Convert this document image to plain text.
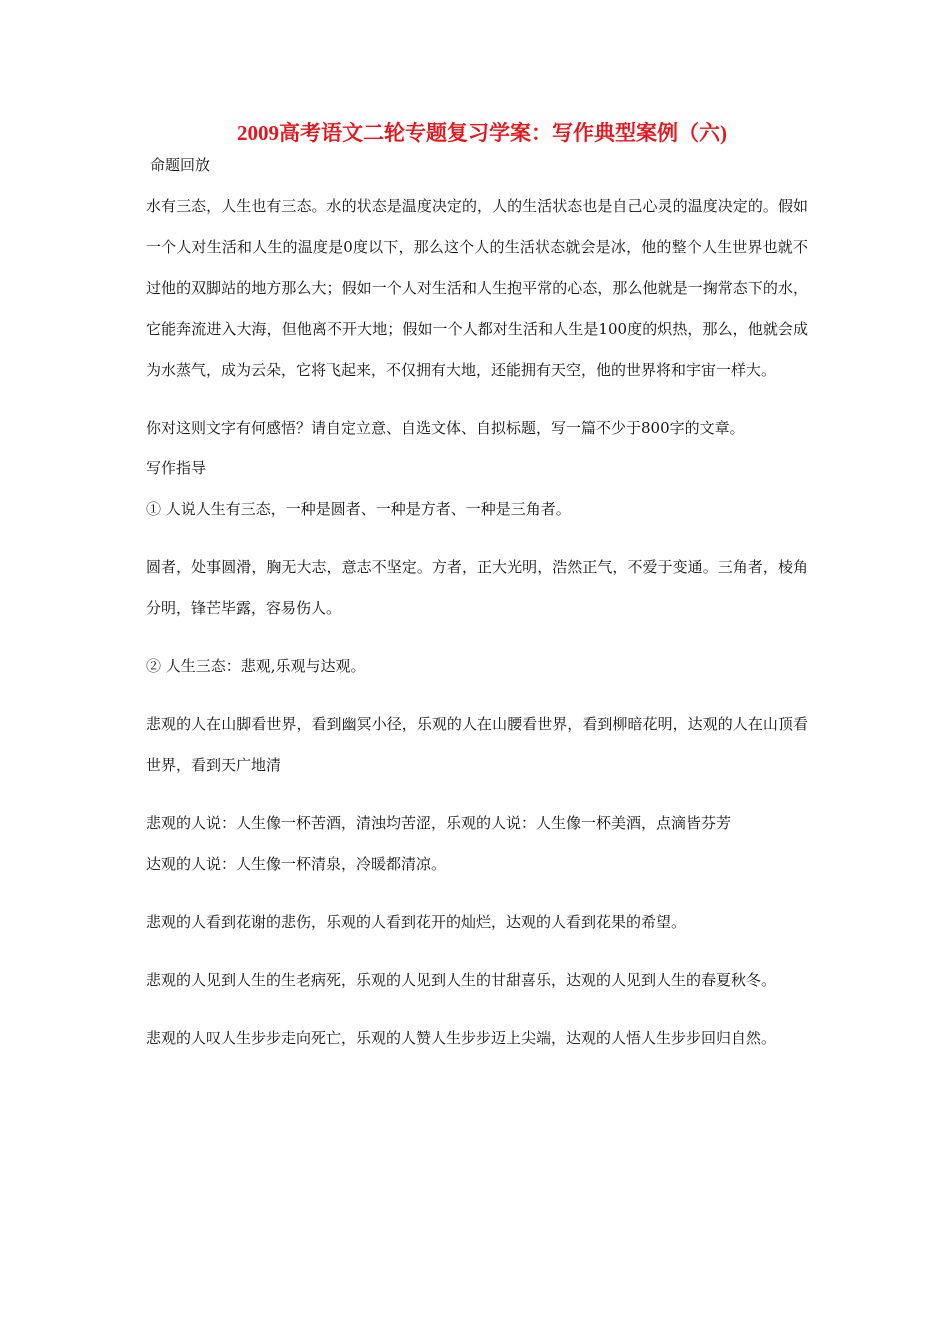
2009高考语文二轮专题复习学案：写作典型案例（六)
命题回放

水有三态，人生也有三态。水的状态是温度决定的，人的生活状态也是自己心灵的温度决定的。假如一个人对生活和人生的温度是0度以下，那么这个人的生活状态就会是冰，他的整个人生世界也就不过他的双脚站的地方那么大；假如一个人对生活和人生抱平常的心态，那么他就是一掬常态下的水，它能奔流进入大海，但他离不开大地；假如一个人都对生活和人生是100度的炽热，那么，他就会成为水蒸气，成为云朵，它将飞起来，不仅拥有大地，还能拥有天空，他的世界将和宇宙一样大。

你对这则文字有何感悟？请自定立意、自选文体、自拟标题，写一篇不少于800字的文章。

写作指导

① 人说人生有三态，一种是圆者、一种是方者、一种是三角者。

圆者，处事圆滑，胸无大志，意志不坚定。方者，正大光明，浩然正气，不爱于变通。三角者，棱角分明，锋芒毕露，容易伤人。

② 人生三态：悲观,乐观与达观。

悲观的人在山脚看世界，看到幽冥小径，乐观的人在山腰看世界，看到柳暗花明，达观的人在山顶看世界，看到天广地清

悲观的人说：人生像一杯苦酒，清浊均苦涩，乐观的人说：人生像一杯美酒，点滴皆芬芳
达观的人说：人生像一杯清泉，冷暖都清凉。

悲观的人看到花谢的悲伤，乐观的人看到花开的灿烂，达观的人看到花果的希望。

悲观的人见到人生的生老病死，乐观的人见到人生的甘甜喜乐，达观的人见到人生的春夏秋冬。

悲观的人叹人生步步走向死亡，乐观的人赞人生步步迈上尖端，达观的人悟人生步步回归自然。
